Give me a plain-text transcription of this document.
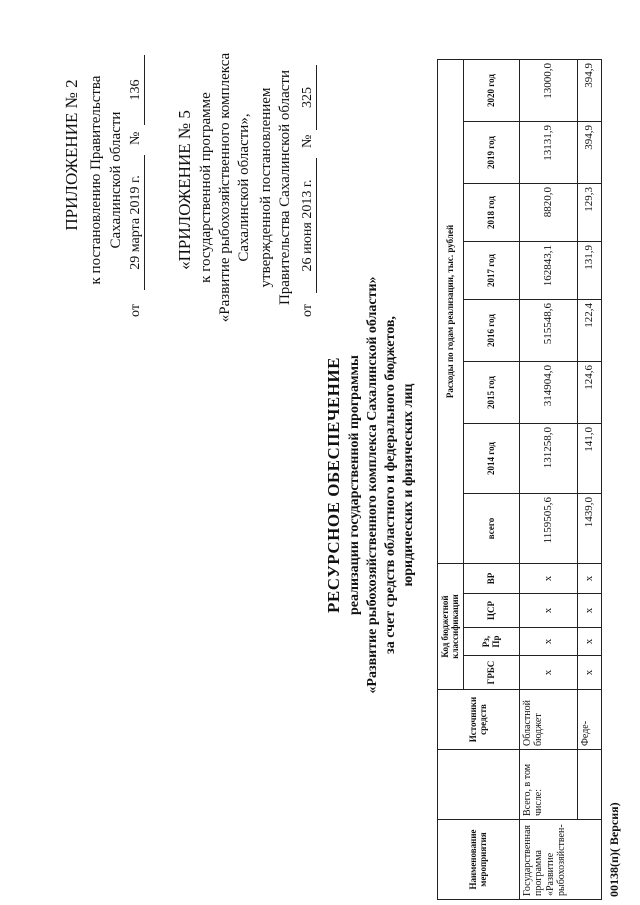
ПРИЛОЖЕНИЕ № 2 к постановлению Правительства Сахалинской области
от
29 марта 2019 г.
№
136
«ПРИЛОЖЕНИЕ № 5 к государственной программе «Развитие рыбохозяйственного комплекса Сахалинской области», утвержденной постановлением Правительства Сахалинской области
от
26 июня 2013 г.
№
325
РЕСУРСНОЕ ОБЕСПЕЧЕНИЕ реализации государственной программы «Развитие рыбохозяйственного комплекса Сахалинской области» за счет средств областного и федерального бюджетов, юридических и физических лиц
Наименование мероприятия		Источники средств	Код бюджетной классификации				Расходы по годам реализации, тыс. рублей							
			ГРБС	Рз, Пр	ЦСР	ВР	всего	2014 год	2015 год	2016 год	2017 год	2018 год	2019 год	2020 год
Государственная программа «Развитие рыбохозяйствен-	Всего, в том числе:	Областной бюджет	x	x	x	x	1159505,6	131258,0	314904,0	515548,6	162843,1	8820,0	13131,9	13000,0
		Феде-	x	x	x	x	1439,0	141,0	124,6	122,4	131,9	129,3	394,9	394,9
00138(п)( Версия)
